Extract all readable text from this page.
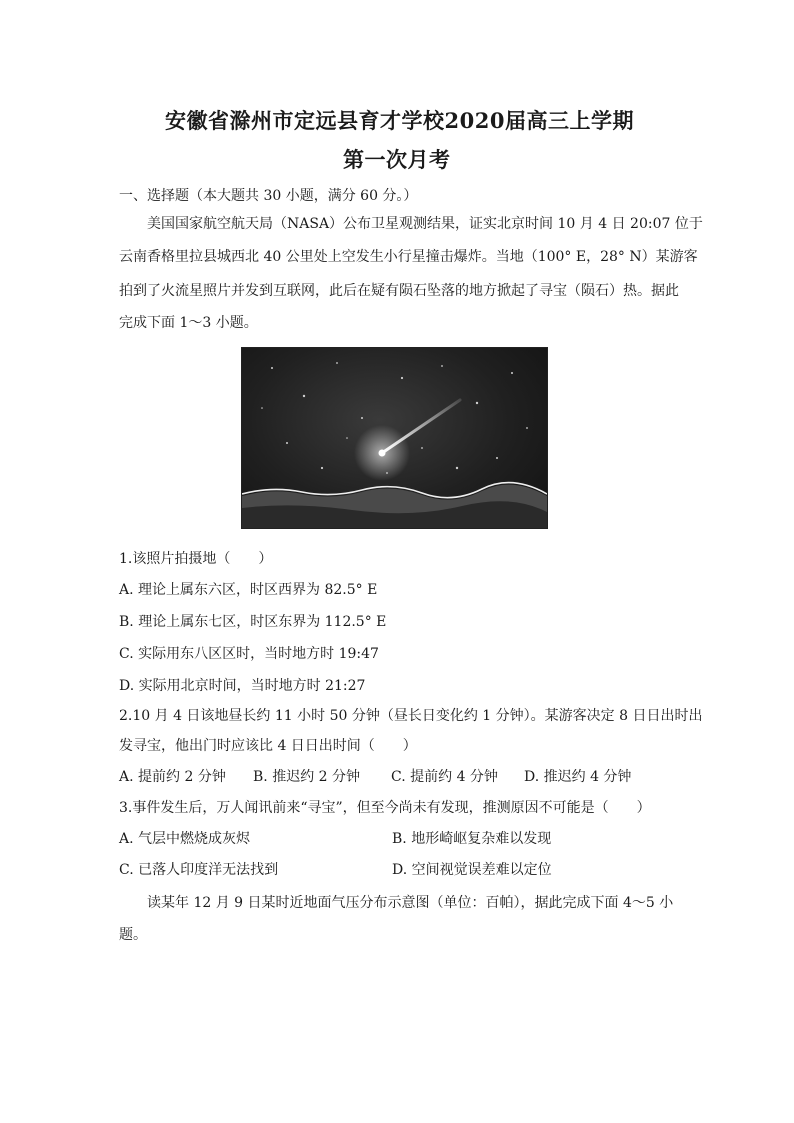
安徽省滁州市定远县育才学校2020届高三上学期
第一次月考
一、选择题（本大题共 30 小题，满分 60 分。）
美国国家航空航天局（NASA）公布卫星观测结果，证实北京时间 10 月 4 日 20:07 位于
云南香格里拉县城西北 40 公里处上空发生小行星撞击爆炸。当地（100° E，28° N）某游客
拍到了火流星照片并发到互联网，此后在疑有陨石坠落的地方掀起了寻宝（陨石）热。据此
完成下面 1～3 小题。
1.该照片拍摄地（　　）
A. 理论上属东六区，时区西界为 82.5° E
B. 理论上属东七区，时区东界为 112.5° E
C. 实际用东八区区时，当时地方时 19:47
D. 实际用北京时间，当时地方时 21:27
2.10 月 4 日该地昼长约 11 小时 50 分钟（昼长日变化约 1 分钟）。某游客决定 8 日日出时出
发寻宝，他出门时应该比 4 日日出时间（　　）
A. 提前约 2 分钟 B. 推迟约 2 分钟 C. 提前约 4 分钟 D. 推迟约 4 分钟
3.事件发生后，万人闻讯前来“寻宝”，但至今尚未有发现，推测原因不可能是（　　）
A. 气层中燃烧成灰烬	B. 地形崎岖复杂难以发现
C. 已落人印度洋无法找到	D. 空间视觉误差难以定位
读某年 12 月 9 日某时近地面气压分布示意图（单位：百帕），据此完成下面 4～5 小
题。
